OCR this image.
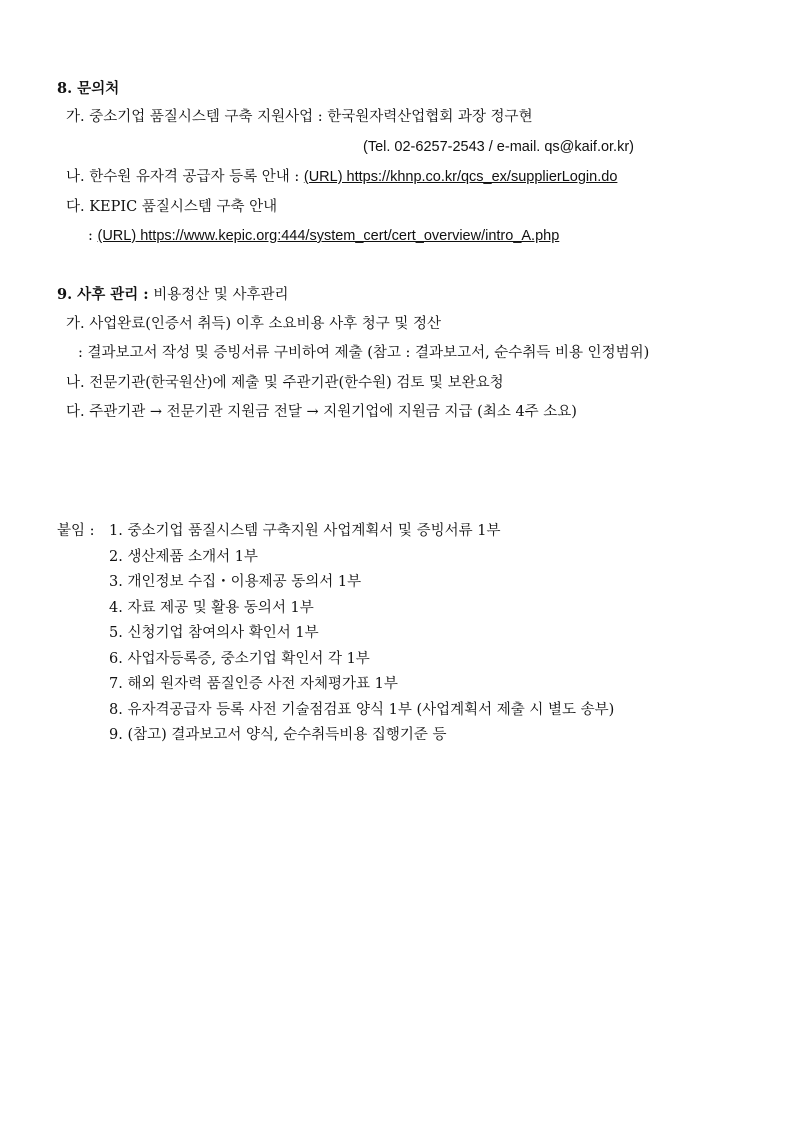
8. 문의처
가. 중소기업 품질시스템 구축 지원사업 : 한국원자력산업협회 과장 정구현
(Tel. 02-6257-2543 / e-mail. qs@kaif.or.kr)
나. 한수원 유자격 공급자 등록 안내 : (URL) https://khnp.co.kr/qcs_ex/supplierLogin.do
다. KEPIC 품질시스템 구축 안내
: (URL) https://www.kepic.org:444/system_cert/cert_overview/intro_A.php
9. 사후 관리 : 비용정산 및 사후관리
가. 사업완료(인증서 취득) 이후 소요비용 사후 청구 및 정산
: 결과보고서 작성 및 증빙서류 구비하여 제출 (참고 : 결과보고서, 순수취득 비용 인정범위)
나. 전문기관(한국원산)에 제출 및 주관기관(한수원) 검토 및 보완요청
다. 주관기관 → 전문기관 지원금 전달 → 지원기업에 지원금 지급 (최소 4주 소요)
붙임 : 1. 중소기업 품질시스템 구축지원 사업계획서 및 증빙서류 1부
2. 생산제품 소개서 1부
3. 개인정보 수집・이용제공 동의서 1부
4. 자료 제공 및 활용 동의서 1부
5. 신청기업 참여의사 확인서 1부
6. 사업자등록증, 중소기업 확인서 각 1부
7. 해외 원자력 품질인증 사전 자체평가표 1부
8. 유자격공급자 등록 사전 기술점검표 양식 1부 (사업계획서 제출 시 별도 송부)
9. (참고) 결과보고서 양식, 순수취득비용 집행기준 등
